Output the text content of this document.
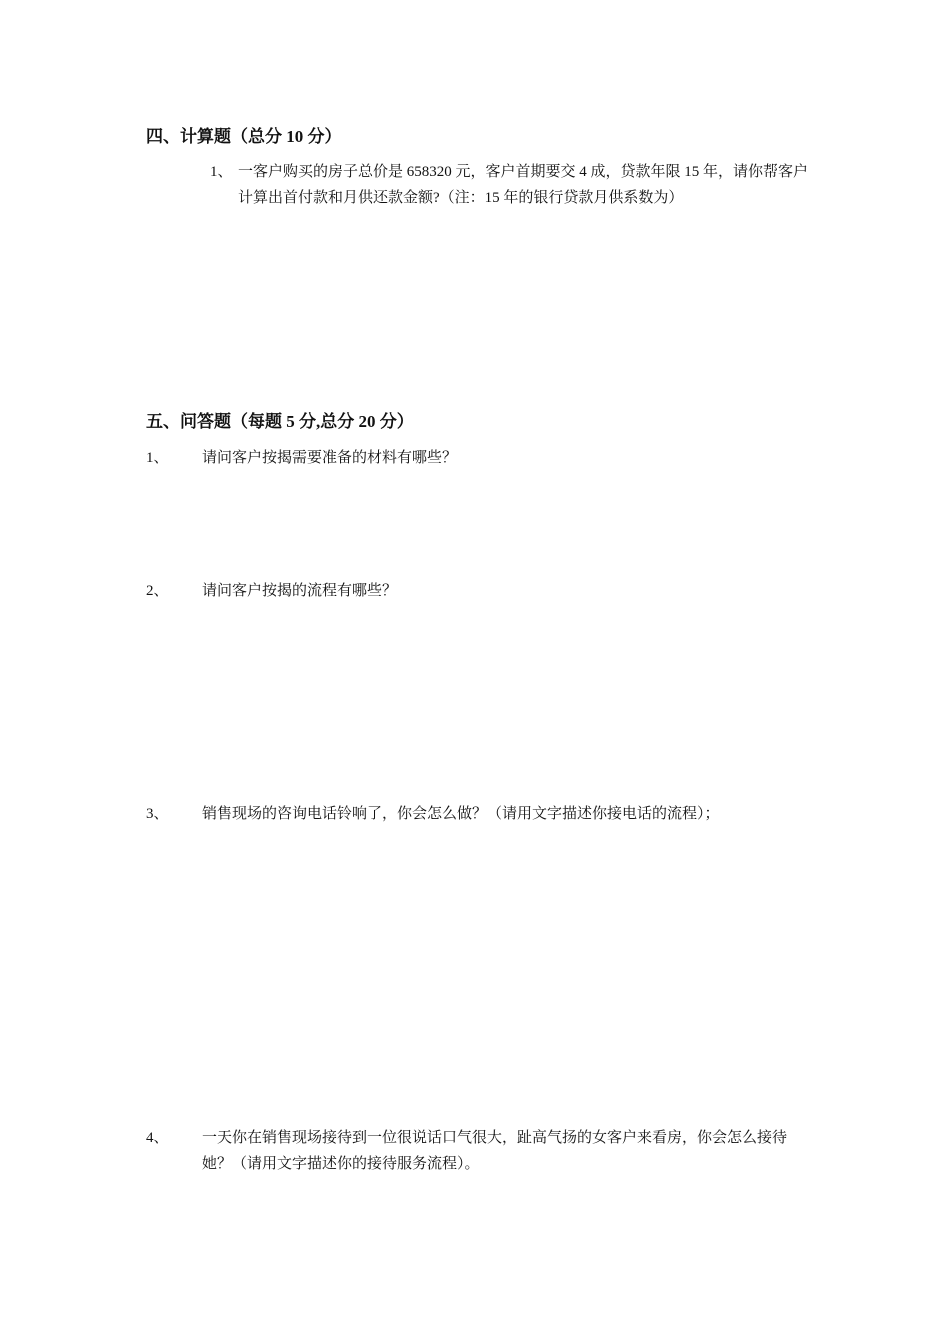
四、计算题（总分 10 分）
1、 一客户购买的房子总价是 658320 元，客户首期要交 4 成，贷款年限 15 年，请你帮客户计算出首付款和月供还款金额?（注：15 年的银行贷款月供系数为）
五、问答题（每题 5 分,总分 20 分）
1、 请问客户按揭需要准备的材料有哪些？
2、 请问客户按揭的流程有哪些？
3、 销售现场的咨询电话铃响了，你会怎么做？（请用文字描述你接电话的流程）；
4、 一天你在销售现场接待到一位很说话口气很大，趾高气扬的女客户来看房，你会怎么接待她？（请用文字描述你的接待服务流程）。
